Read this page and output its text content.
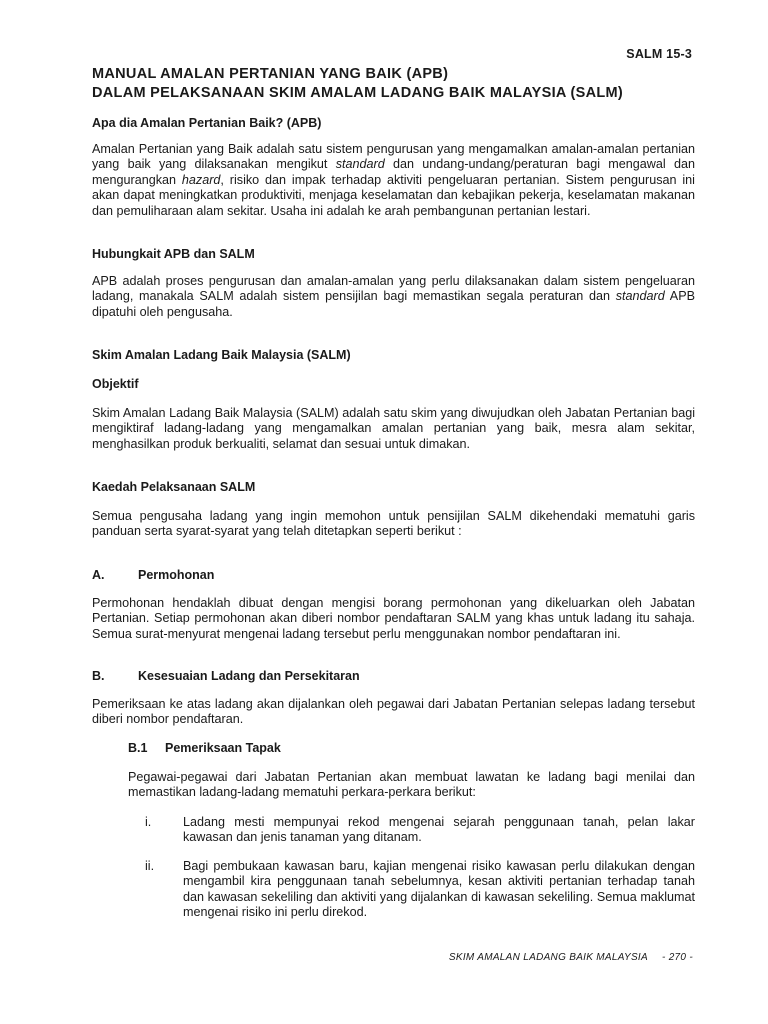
SALM 15-3
MANUAL AMALAN PERTANIAN YANG BAIK (APB)
DALAM PELAKSANAAN SKIM AMALAM LADANG BAIK MALAYSIA (SALM)
Apa dia Amalan Pertanian Baik? (APB)
Amalan Pertanian yang Baik adalah satu sistem pengurusan yang mengamalkan amalan-amalan pertanian yang baik yang dilaksanakan mengikut standard dan undang-undang/peraturan bagi mengawal dan mengurangkan hazard, risiko dan impak terhadap aktiviti pengeluaran pertanian. Sistem pengurusan ini akan dapat meningkatkan produktiviti, menjaga keselamatan dan kebajikan pekerja, keselamatan makanan dan pemuliharaan alam sekitar. Usaha ini adalah ke arah pembangunan pertanian lestari.
Hubungkait APB dan SALM
APB adalah proses pengurusan dan amalan-amalan yang perlu dilaksanakan dalam sistem pengeluaran ladang, manakala SALM adalah sistem pensijilan bagi memastikan segala peraturan dan standard APB dipatuhi oleh pengusaha.
Skim Amalan Ladang Baik Malaysia (SALM)
Objektif
Skim Amalan Ladang Baik Malaysia (SALM) adalah satu skim yang diwujudkan oleh Jabatan Pertanian bagi mengiktiraf ladang-ladang yang mengamalkan amalan pertanian yang baik, mesra alam sekitar, menghasilkan produk berkualiti, selamat dan sesuai untuk dimakan.
Kaedah Pelaksanaan SALM
Semua pengusaha ladang yang ingin memohon untuk pensijilan SALM dikehendaki mematuhi garis panduan serta syarat-syarat yang telah ditetapkan seperti berikut :
A.	Permohonan
Permohonan hendaklah dibuat dengan mengisi borang permohonan yang dikeluarkan oleh Jabatan Pertanian. Setiap permohonan akan diberi nombor pendaftaran SALM yang khas untuk ladang itu sahaja. Semua surat-menyurat mengenai ladang tersebut perlu menggunakan nombor pendaftaran ini.
B.	Kesesuaian Ladang dan Persekitaran
Pemeriksaan ke atas ladang akan dijalankan oleh pegawai dari Jabatan Pertanian selepas ladang tersebut diberi nombor pendaftaran.
B.1 Pemeriksaan Tapak
Pegawai-pegawai dari Jabatan Pertanian akan membuat lawatan ke ladang bagi menilai dan memastikan ladang-ladang mematuhi perkara-perkara berikut:
i.	Ladang mesti mempunyai rekod mengenai sejarah penggunaan tanah, pelan lakar kawasan dan jenis tanaman yang ditanam.
ii. Bagi pembukaan kawasan baru, kajian mengenai risiko kawasan perlu dilakukan dengan mengambil kira penggunaan tanah sebelumnya, kesan aktiviti pertanian terhadap tanah dan kawasan sekeliling dan aktiviti yang dijalankan di kawasan sekeliling. Semua maklumat mengenai risiko ini perlu direkod.
SKIM AMALAN LADANG BAIK MALAYSIA - 270 -
